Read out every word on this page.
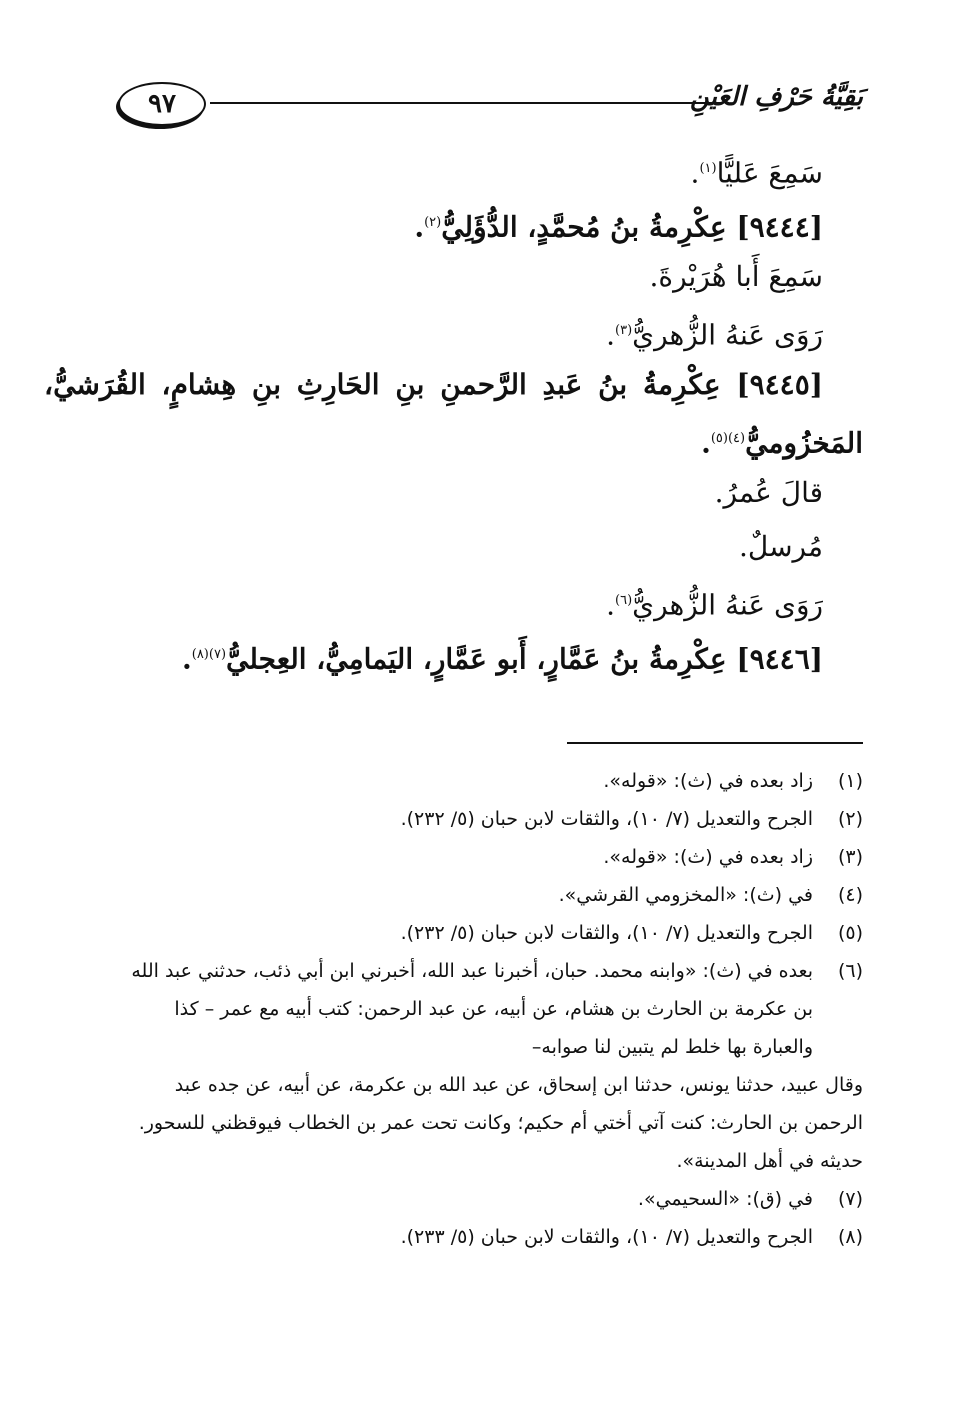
٩٧	بَقِيَّةُ حَرْفِ العَيْنِ
سَمِعَ عَليًّا$^{(١)}$.
[٩٤٤٤] عِكْرِمةُ بنُ مُحمَّدٍ، الدُّؤَلِيُّ$^{(٢)}$.
سَمِعَ أَبا هُرَيْرةَ.
رَوَى عَنهُ الزُّهريُّ$^{(٣)}$.
[٩٤٤٥] عِكْرِمةُ بنُ عَبدِ الرَّحمنِ بنِ الحَارِثِ بنِ هِشامٍ، القُرَشيُّ،
المَخزُوميُّ$^{(٤)(٥)}$.
قالَ عُمرُ.
مُرسلٌ.
رَوَى عَنهُ الزُّهريُّ$^{(٦)}$.
[٩٤٤٦] عِكْرِمةُ بنُ عَمَّارٍ، أَبو عَمَّارٍ، اليَمامِيُّ، العِجليُّ$^{(٧)(٨)}$.
(١)
زاد بعده في (ث): «قوله».
(٢)
الجرح والتعديل (٧/ ١٠)، والثقات لابن حبان (٥/ ٢٣٢).
(٣)
زاد بعده في (ث): «قوله».
(٤)
في (ث): «المخزومي القرشي».
(٥)
الجرح والتعديل (٧/ ١٠)، والثقات لابن حبان (٥/ ٢٣٢).
(٦)
بعده في (ث): «وابنه محمد. حبان، أخبرنا عبد الله، أخبرني ابن أبي ذئب، حدثني عبد الله بن عكرمة بن الحارث بن هشام، عن أبيه، عن عبد الرحمن: كتب أبيه مع عمر – كذا والعبارة بها خلط لم يتبين لنا صوابه–
وقال عبيد، حدثنا يونس، حدثنا ابن إسحاق، عن عبد الله بن عكرمة، عن أبيه، عن جده عبد الرحمن بن الحارث: كنت آتي أختي أم حكيم؛ وكانت تحت عمر بن الخطاب فيوقظني للسحور. حديثه في أهل المدينة».
(٧)
في (ق): «السحيمي».
(٨)
الجرح والتعديل (٧/ ١٠)، والثقات لابن حبان (٥/ ٢٣٣).
